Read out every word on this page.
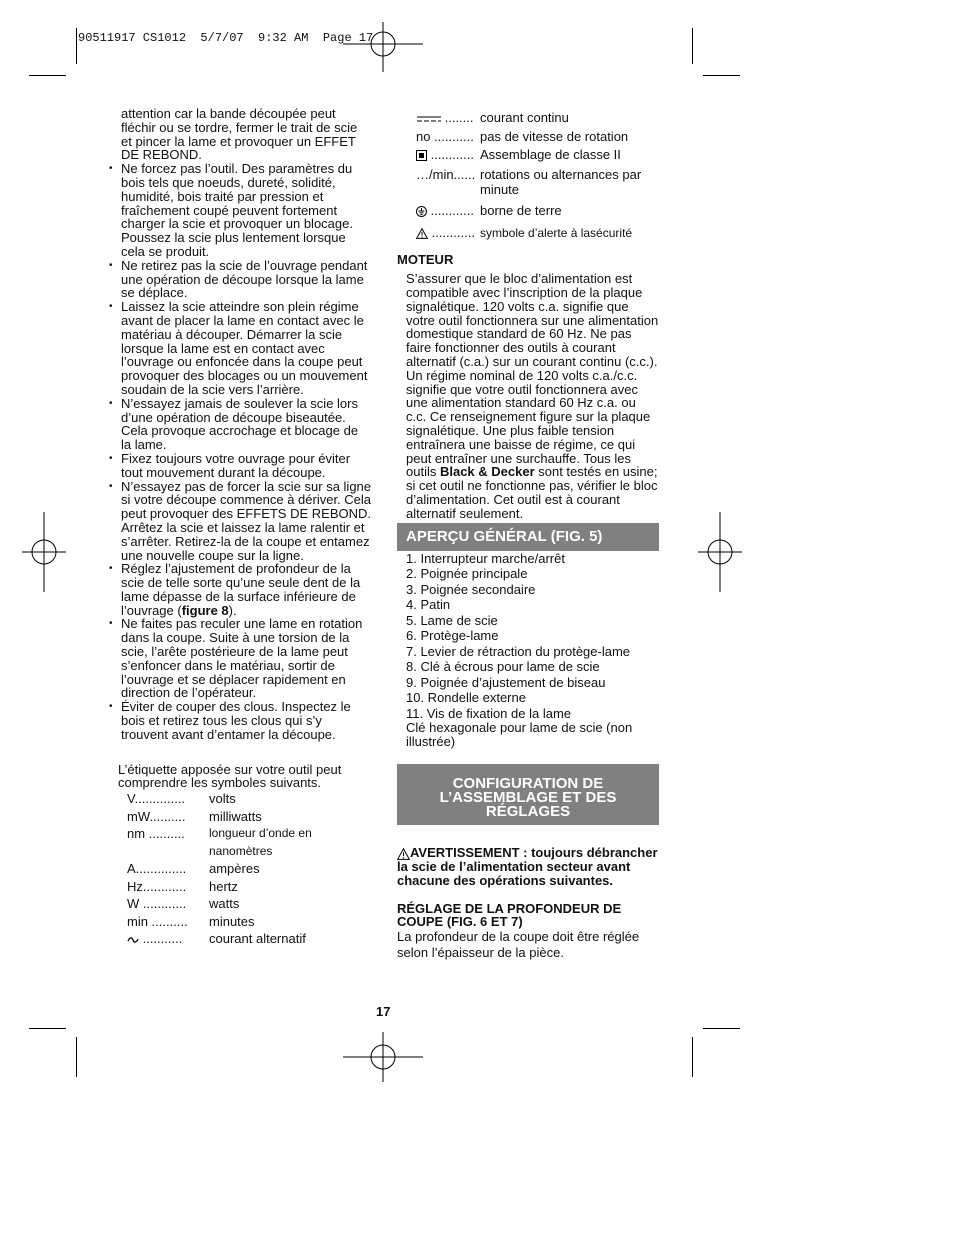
90511917 CS1012  5/7/07  9:32 AM  Page 17

attention car la bande découpée peut fléchir ou se tordre, fermer le trait de scie et pincer la lame et provoquer un EFFET DE REBOND.

• Ne forcez pas l’outil. Des paramètres du bois tels que noeuds, dureté, solidité, humidité, bois traité par pression et fraîchement coupé peuvent fortement charger la scie et provoquer un blocage. Poussez la scie plus lentement lorsque cela se produit.
• Ne retirez pas la scie de l’ouvrage pendant une opération de découpe lorsque la lame se déplace.
• Laissez la scie atteindre son plein régime avant de placer la lame en contact avec le matériau à découper. Démarrer la scie lorsque la lame est en contact avec l’ouvrage ou enfoncée dans la coupe peut provoquer des blocages ou un mouvement soudain de la scie vers l’arrière.
• N’essayez jamais de soulever la scie lors d’une opération de découpe biseautée. Cela provoque accrochage et blocage de la lame.
• Fixez toujours votre ouvrage pour éviter tout mouvement durant la découpe.
• N’essayez pas de forcer la scie sur sa ligne si votre découpe commence à dériver. Cela peut provoquer des EFFETS DE REBOND. Arrêtez la scie et laissez la lame ralentir et s’arrêter. Retirez-la de la coupe et entamez une nouvelle coupe sur la ligne.
• Réglez l’ajustement de profondeur de la scie de telle sorte qu’une seule dent de la lame dépasse de la surface inférieure de l’ouvrage (figure 8).
• Ne faites pas reculer une lame en rotation dans la coupe. Suite à une torsion de la scie, l’arête postérieure de la lame peut s’enfoncer dans le matériau, sortir de l’ouvrage et se déplacer rapidement en direction de l’opérateur.
• Éviter de couper des clous. Inspectez le bois et retirez tous les clous qui s’y trouvent avant d’entamer la découpe.

L’étiquette apposée sur votre outil peut comprendre les symboles suivants.

V..............	volts
mW..........	milliwatts
nm ..........	longueur d’onde en
nanomètres
A..............	ampères
Hz............	hertz
W ............	watts
min ..........	minutes
...........	courant alternatif
........ courant continu
no ........... pas de vitesse de rotation
............ Assemblage de classe II
…/min...... rotations ou alternances par minute
............ borne de terre
............ symbole d’alerte à lasécurité

MOTEUR

S’assurer que le bloc d’alimentation est compatible avec l’inscription de la plaque signalétique. 120 volts c.a. signifie que votre outil fonctionnera sur une alimentation domestique standard de 60 Hz. Ne pas faire fonctionner des outils à courant alternatif (c.a.) sur un courant continu (c.c.). Un régime nominal de 120 volts c.a./c.c. signifie que votre outil fonctionnera avec une alimentation standard 60 Hz c.a. ou c.c. Ce renseignement figure sur la plaque signalétique. Une plus faible tension entraînera une baisse de régime, ce qui peut entraîner une surchauffe. Tous les outils Black & Decker sont testés en usine; si cet outil ne fonctionne pas, vérifier le bloc d’alimentation. Cet outil est à courant alternatif seulement.

APERÇU GÉNÉRAL (FIG. 5)
1. Interrupteur marche/arrêt
2. Poignée principale
3. Poignée secondaire
4. Patin
5. Lame de scie
6. Protège-lame
7. Levier de rétraction du protège-lame
8. Clé à écrous pour lame de scie
9. Poignée d’ajustement de biseau
10. Rondelle externe
11. Vis de fixation de la lame
Clé hexagonale pour lame de scie (non illustrée)
CONFIGURATION DE L’ASSEMBLAGE ET DES RÉGLAGES

AVERTISSEMENT : toujours débrancher la scie de l’alimentation secteur avant chacune des opérations suivantes.

RÉGLAGE DE LA PROFONDEUR DE COUPE (FIG. 6 ET 7)

La profondeur de la coupe doit être réglée selon l’épaisseur de la pièce.

17
